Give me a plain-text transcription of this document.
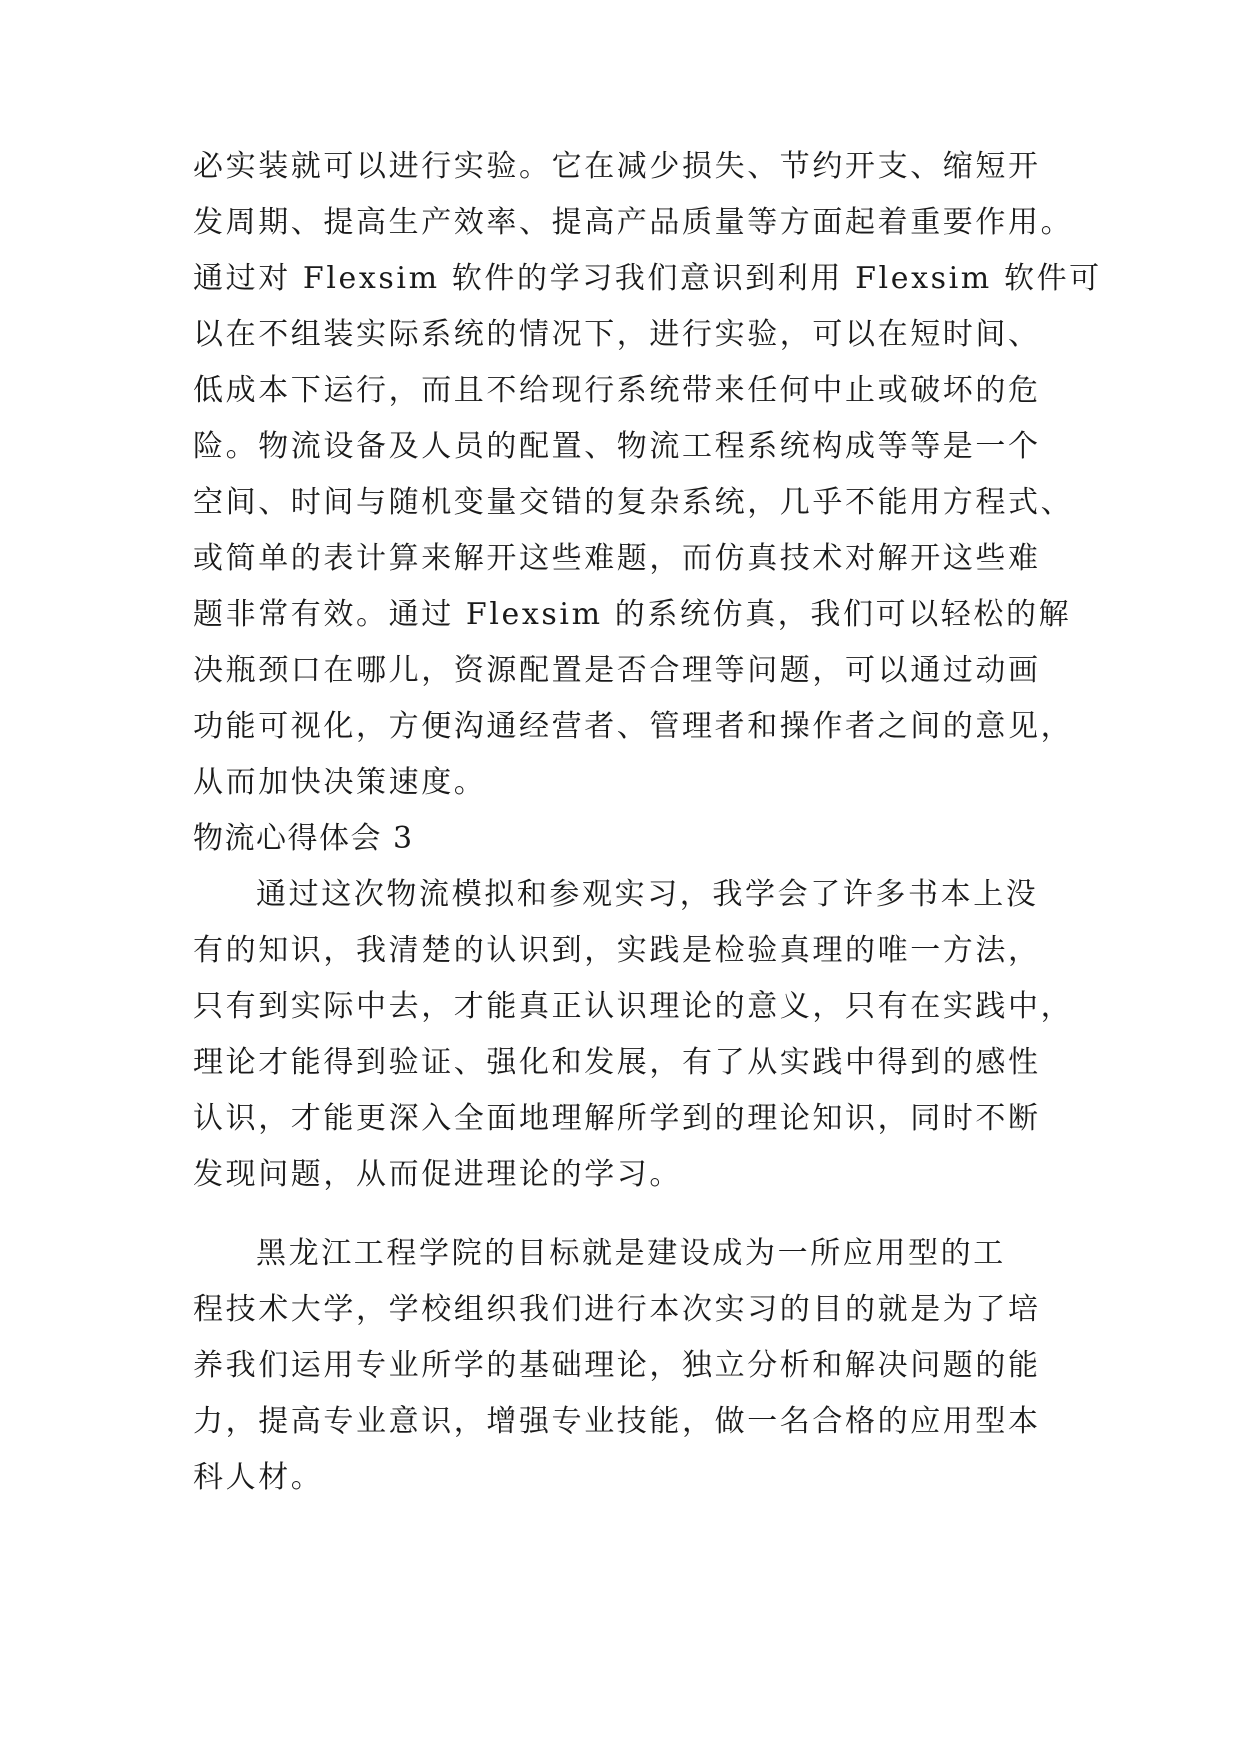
必实装就可以进行实验。它在减少损失、节约开支、缩短开
发周期、提高生产效率、提高产品质量等方面起着重要作用。
通过对 Flexsim 软件的学习我们意识到利用 Flexsim 软件可
以在不组装实际系统的情况下，进行实验，可以在短时间、
低成本下运行，而且不给现行系统带来任何中止或破坏的危
险。物流设备及人员的配置、物流工程系统构成等等是一个
空间、时间与随机变量交错的复杂系统，几乎不能用方程式、
或简单的表计算来解开这些难题，而仿真技术对解开这些难
题非常有效。通过 Flexsim 的系统仿真，我们可以轻松的解
决瓶颈口在哪儿，资源配置是否合理等问题，可以通过动画
功能可视化，方便沟通经营者、管理者和操作者之间的意见，
从而加快决策速度。
物流心得体会 3
通过这次物流模拟和参观实习，我学会了许多书本上没
有的知识，我清楚的认识到，实践是检验真理的唯一方法，
只有到实际中去，才能真正认识理论的意义，只有在实践中，
理论才能得到验证、强化和发展，有了从实践中得到的感性
认识，才能更深入全面地理解所学到的理论知识，同时不断
发现问题，从而促进理论的学习。
黑龙江工程学院的目标就是建设成为一所应用型的工
程技术大学，学校组织我们进行本次实习的目的就是为了培
养我们运用专业所学的基础理论，独立分析和解决问题的能
力，提高专业意识，增强专业技能，做一名合格的应用型本
科人材。
